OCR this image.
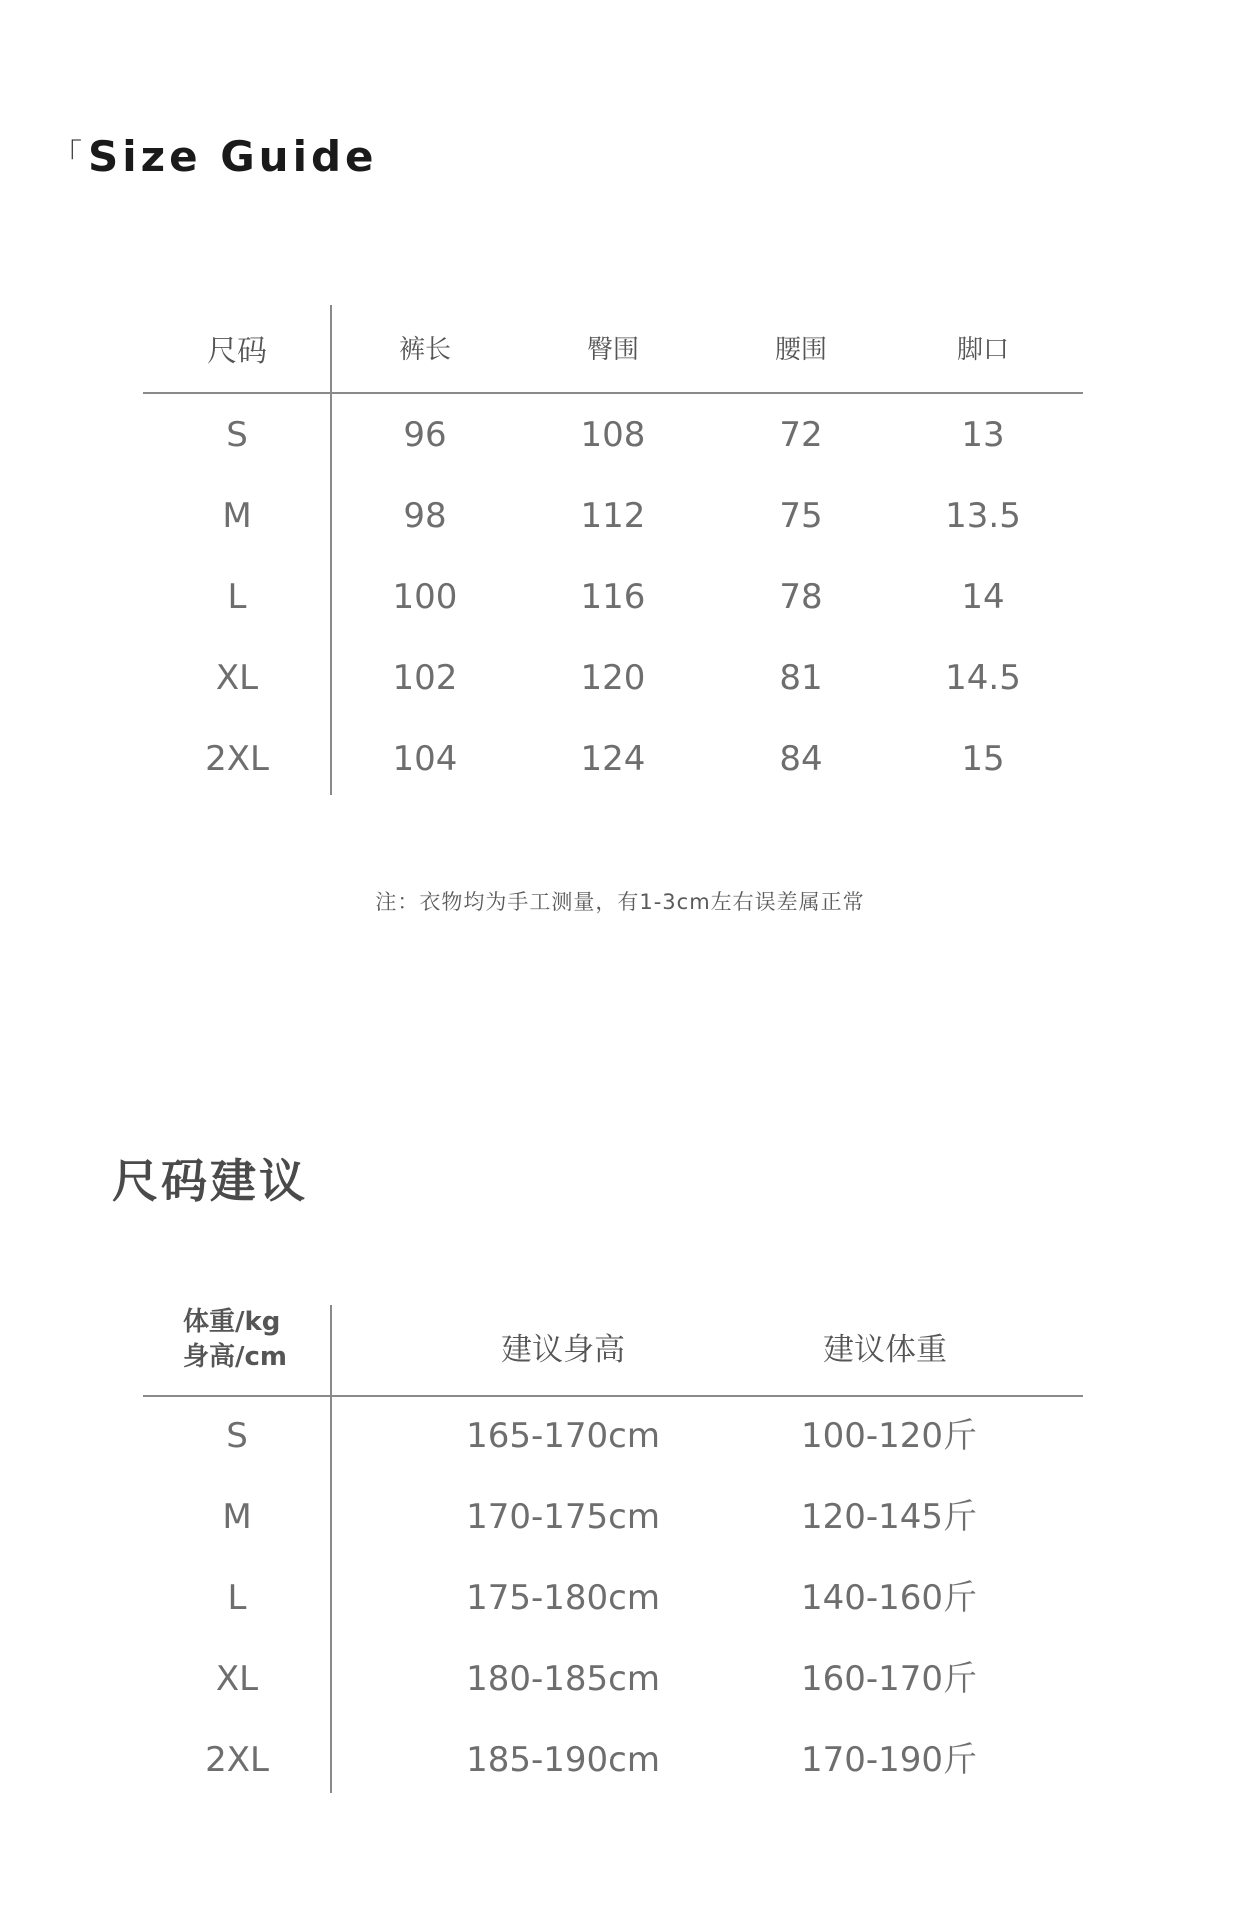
「Size Guide
尺码	裤长	臀围	腰围	脚口
S	96	108	72	13
M	98	112	75	13.5
L	100	116	78	14
XL	102	120	81	14.5
2XL	104	124	84	15
注：衣物均为手工测量，有1-3cm左右误差属正常
尺码建议
体重/kg
身高/cm	建议身高	建议体重
S	165-170cm	100-120斤
M	170-175cm	120-145斤
L	175-180cm	140-160斤
XL	180-185cm	160-170斤
2XL	185-190cm	170-190斤
